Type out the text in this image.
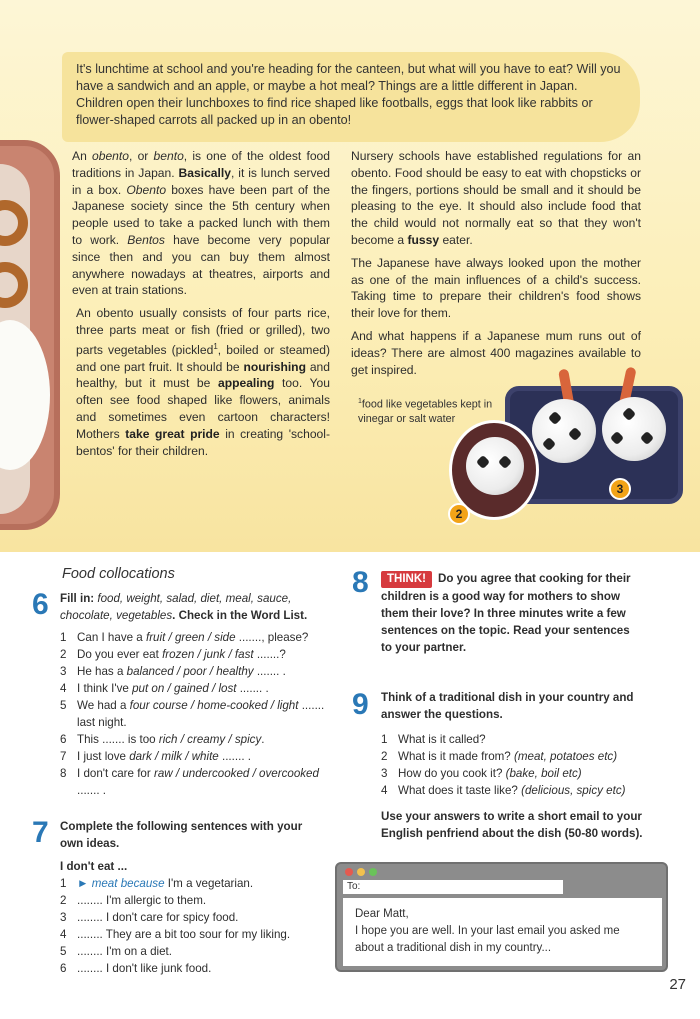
It's lunchtime at school and you're heading for the canteen, but what will you have to eat? Will you have a sandwich and an apple, or maybe a hot meal? Things are a little different in Japan. Children open their lunchboxes to find rice shaped like footballs, eggs that look like rabbits or flower-shaped carrots all packed up in an obento!

An obento, or bento, is one of the oldest food traditions in Japan. Basically, it is lunch served in a box. Obento boxes have been part of the Japanese society since the 5th century when people used to take a packed lunch with them to work. Bentos have become very popular since then and you can buy them almost anywhere nowadays at theatres, airports and even at train stations.

An obento usually consists of four parts rice, three parts meat or fish (fried or grilled), two parts vegetables (pickled$^1$, boiled or steamed) and one part fruit. It should be nourishing and healthy, but it must be appealing too. You often see food shaped like flowers, animals and sometimes even cartoon characters! Mothers take great pride in creating 'school-bentos' for their children.

Nursery schools have established regulations for an obento. Food should be easy to eat with chopsticks or the fingers, portions should be small and it should be pleasing to the eye. It should also include food that the child would not normally eat so that they won't become a fussy eater.

The Japanese have always looked upon the mother as one of the main influences of a child's success. Taking time to prepare their children's food shows their love for them.

And what happens if a Japanese mum runs out of ideas? There are almost 400 magazines available to get inspired.

$^1$food like vegetables kept in vinegar or salt water
2
3
Food collocations
6 Fill in: food, weight, salad, diet, meal, sauce, chocolate, vegetables. Check in the Word List.
1 Can I have a fruit / green / side ......., please?
2 Do you ever eat frozen / junk / fast .......?
3 He has a balanced / poor / healthy ....... .
4 I think I've put on / gained / lost ....... .
5 We had a four course / home-cooked / light ....... last night.
6 This ....... is too rich / creamy / spicy.
7 I just love dark / milk / white ....... .
8 I don't care for raw / undercooked / overcooked ....... .
7 Complete the following sentences with your own ideas.
I don't eat ...
1 ► meat because I'm a vegetarian.
2 ........ I'm allergic to them.
3 ........ I don't care for spicy food.
4 ........ They are a bit too sour for my liking.
5 ........ I'm on a diet.
6 ........ I don't like junk food.
8	THINK! Do you agree that cooking for their children is a good way for mothers to show them their love? In three minutes write a few sentences on the topic. Read your sentences to your partner.
9 Think of a traditional dish in your country and answer the questions.
1 What is it called?
2 What is it made from? (meat, potatoes etc)
3 How do you cook it? (bake, boil etc)
4 What does it taste like? (delicious, spicy etc)
Use your answers to write a short email to your English penfriend about the dish (50-80 words).
To:
Dear Matt,
I hope you are well. In your last email you asked me about a traditional dish in my country...
27
